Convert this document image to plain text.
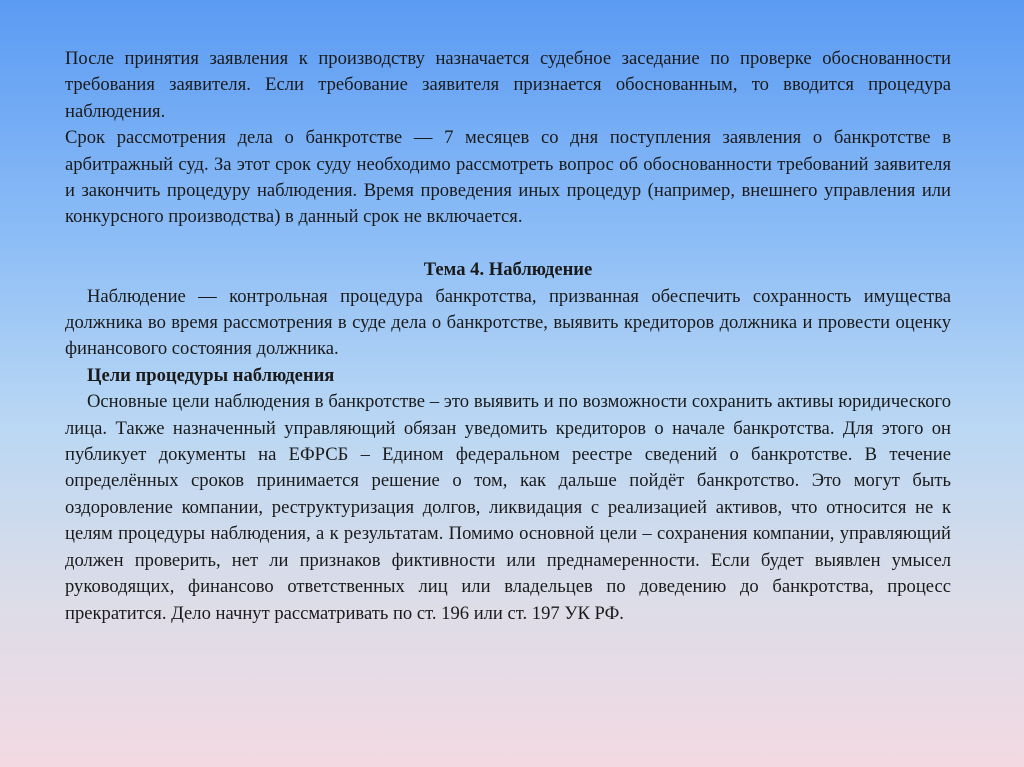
После принятия заявления к производству назначается судебное заседание по проверке обоснованности требования заявителя. Если требование заявителя признается обоснованным, то вводится процедура наблюдения.

Срок рассмотрения дела о банкротстве — 7 месяцев со дня поступления заявления о банкротстве в арбитражный суд. За этот срок суду необходимо рассмотреть вопрос об обоснованности требований заявителя и закончить процедуру наблюдения. Время проведения иных процедур (например, внешнего управления или конкурсного производства) в данный срок не включается.

Тема 4. Наблюдение

Наблюдение — контрольная процедура банкротства, призванная обеспечить сохранность имущества должника во время рассмотрения в суде дела о банкротстве, выявить кредиторов должника и провести оценку финансового состояния должника.

Цели процедуры наблюдения

Основные цели наблюдения в банкротстве – это выявить и по возможности сохранить активы юридического лица. Также назначенный управляющий обязан уведомить кредиторов о начале банкротства. Для этого он публикует документы на ЕФРСБ – Едином федеральном реестре сведений о банкротстве. В течение определённых сроков принимается решение о том, как дальше пойдёт банкротство. Это могут быть оздоровление компании, реструктуризация долгов, ликвидация с реализацией активов, что относится не к целям процедуры наблюдения, а к результатам. Помимо основной цели – сохранения компании, управляющий должен проверить, нет ли признаков фиктивности или преднамеренности. Если будет выявлен умысел руководящих, финансово ответственных лиц или владельцев по доведению до банкротства, процесс прекратится. Дело начнут рассматривать по ст. 196 или ст. 197 УК РФ.
